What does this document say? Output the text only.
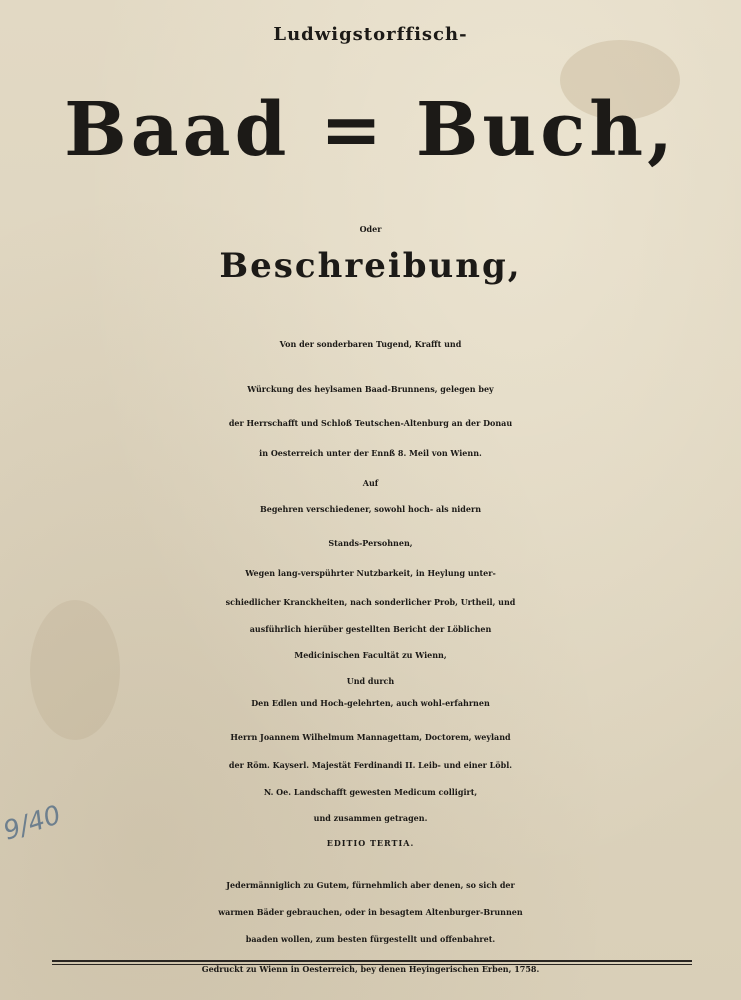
Ludwigstorffisch-
Baad = Buch,
Oder
Beschreibung,
Von der sonderbaren Tugend, Krafft und
Würckung des heylsamen Baad-Brunnens, gelegen bey
der Herrschafft und Schloß Teutschen-Altenburg an der Donau
in Oesterreich unter der Ennß 8. Meil von Wienn.
Auf
Begehren verschiedener, sowohl hoch- als nidern
Stands-Persohnen,
Wegen lang-verspührter Nutzbarkeit, in Heylung unter-
schiedlicher Kranckheiten, nach sonderlicher Prob, Urtheil, und
ausführlich hierüber gestellten Bericht der Löblichen
Medicinischen Facultät zu Wienn,
Und durch
Den Edlen und Hoch-gelehrten, auch wohl-erfahrnen
Herrn Joannem Wilhelmum Mannagettam, Doctorem, weyland
der Röm. Kayserl. Majestät Ferdinandi II. Leib- und einer Löbl.
N. Oe. Landschafft gewesten Medicum colligirt,
und zusammen getragen.
EDITIO TERTIA.
Jedermänniglich zu Gutem, fürnehmlich aber denen, so sich der
warmen Bäder gebrauchen, oder in besagtem Altenburger-Brunnen
baaden wollen, zum besten fürgestellt und offenbahret.
Gedruckt zu Wienn in Oesterreich, bey denen Heyingerischen Erben, 1758.
9/40
